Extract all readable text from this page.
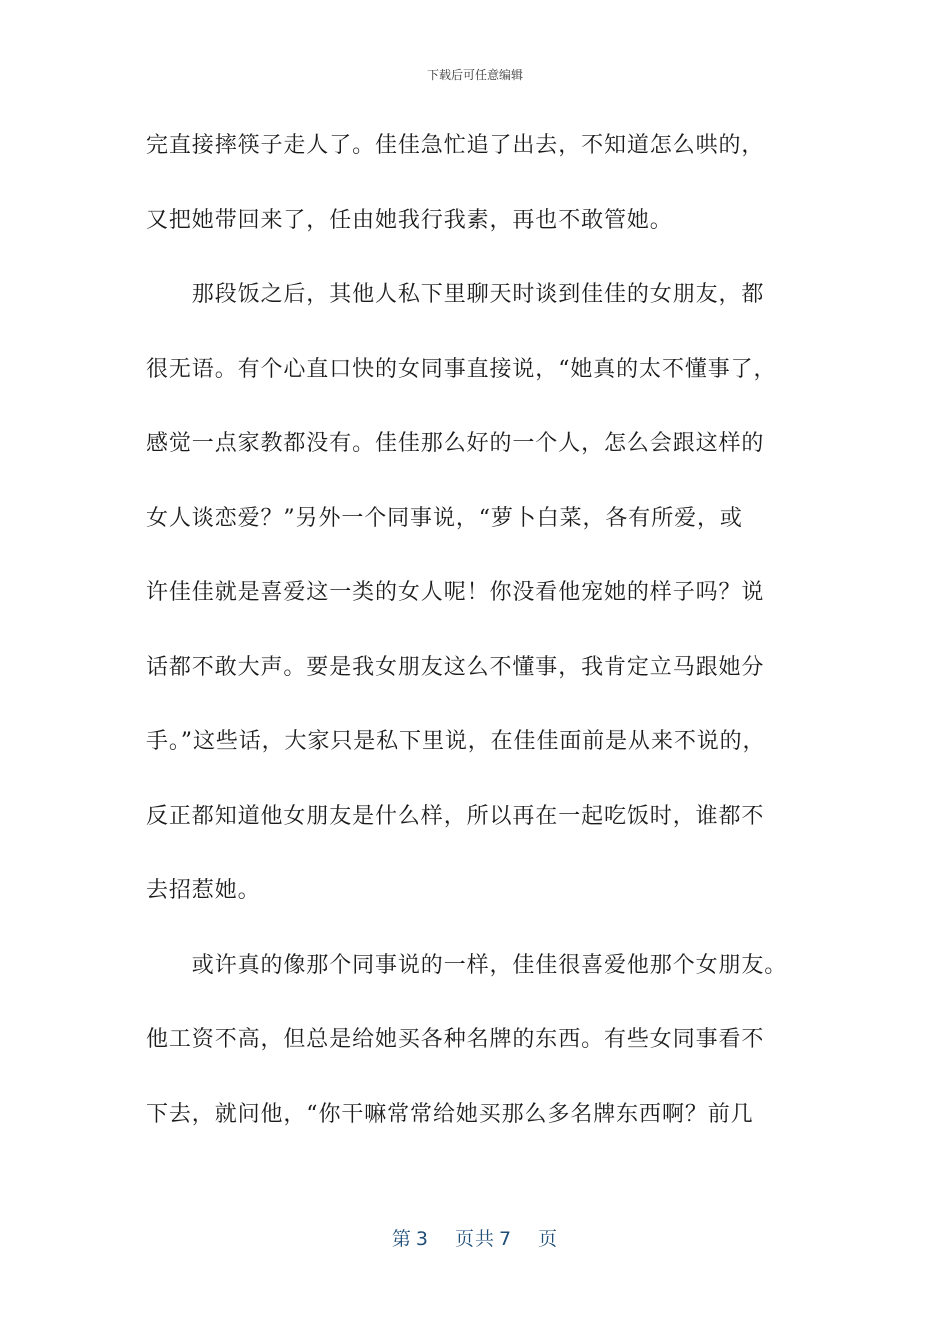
下载后可任意编辑
完直接摔筷子走人了。佳佳急忙追了出去，不知道怎么哄的，
又把她带回来了，任由她我行我素，再也不敢管她。
　　那段饭之后，其他人私下里聊天时谈到佳佳的女朋友，都
很无语。有个心直口快的女同事直接说，“她真的太不懂事了，
感觉一点家教都没有。佳佳那么好的一个人，怎么会跟这样的
女人谈恋爱？”另外一个同事说，“萝卜白菜，各有所爱，或
许佳佳就是喜爱这一类的女人呢！你没看他宠她的样子吗？说
话都不敢大声。要是我女朋友这么不懂事，我肯定立马跟她分
手。”这些话，大家只是私下里说，在佳佳面前是从来不说的，
反正都知道他女朋友是什么样，所以再在一起吃饭时，谁都不
去招惹她。
　　或许真的像那个同事说的一样，佳佳很喜爱他那个女朋友。
他工资不高，但总是给她买各种名牌的东西。有些女同事看不
下去，就问他，“你干嘛常常给她买那么多名牌东西啊？前几
第 3 页共 7 页
